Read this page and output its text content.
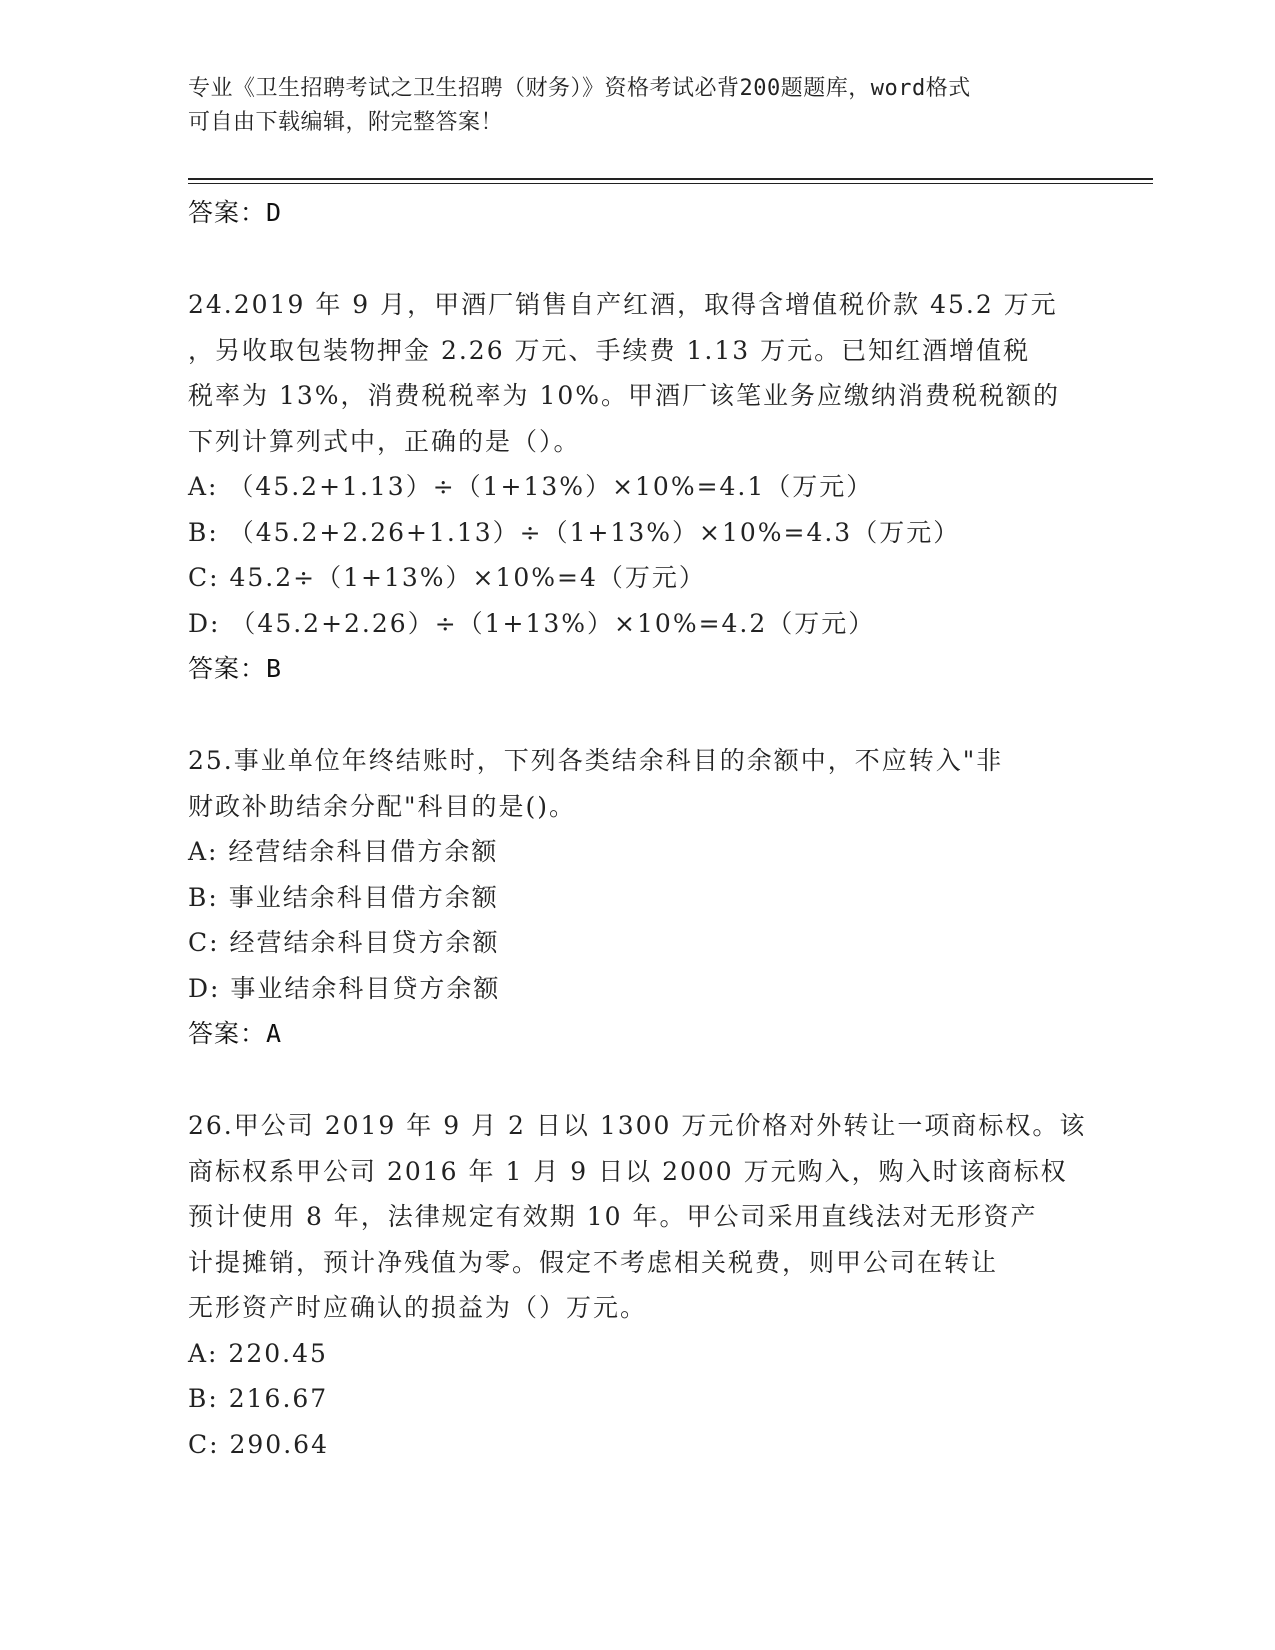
专业《卫生招聘考试之卫生招聘（财务）》资格考试必背200题题库，word格式
可自由下载编辑，附完整答案！

答案：D

24.2019 年 9 月，甲酒厂销售自产红酒，取得含增值税价款 45.2 万元

，另收取包装物押金 2.26 万元、手续费 1.13 万元。已知红酒增值税

税率为 13%，消费税税率为 10%。甲酒厂该笔业务应缴纳消费税税额的

下列计算列式中，正确的是（）。

A: （45.2+1.13）÷（1+13%）×10%=4.1（万元）

B: （45.2+2.26+1.13）÷（1+13%）×10%=4.3（万元）

C: 45.2÷（1+13%）×10%=4（万元）

D: （45.2+2.26）÷（1+13%）×10%=4.2（万元）

答案：B

25.事业单位年终结账时，下列各类结余科目的余额中，不应转入"非

财政补助结余分配"科目的是()。

A: 经营结余科目借方余额

B: 事业结余科目借方余额

C: 经营结余科目贷方余额

D: 事业结余科目贷方余额

答案：A

26.甲公司 2019 年 9 月 2 日以 1300 万元价格对外转让一项商标权。该

商标权系甲公司 2016 年 1 月 9 日以 2000 万元购入，购入时该商标权

预计使用 8 年，法律规定有效期 10 年。甲公司采用直线法对无形资产

计提摊销，预计净残值为零。假定不考虑相关税费，则甲公司在转让

无形资产时应确认的损益为（）万元。

A: 220.45

B: 216.67

C: 290.64
